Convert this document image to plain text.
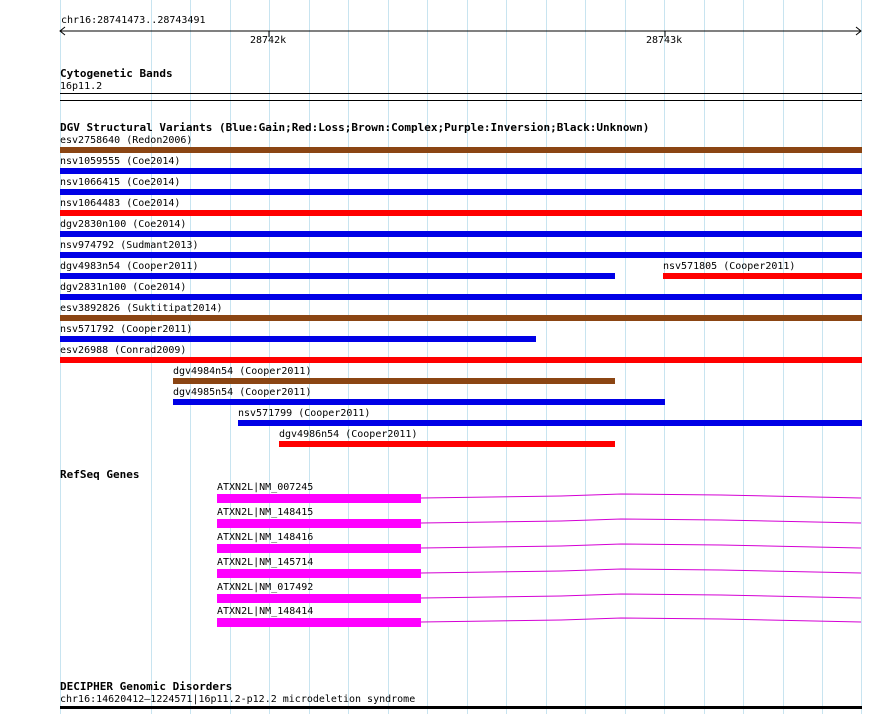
chr16:28741473..28743491
28742k	28743k
Cytogenetic Bands
16p11.2
DGV Structural Variants (Blue:Gain;Red:Loss;Brown:Complex;Purple:Inversion;Black:Unknown)
esv2758640 (Redon2006)
nsv1059555 (Coe2014)
nsv1066415 (Coe2014)
nsv1064483 (Coe2014)
dgv2830n100 (Coe2014)
nsv974792 (Sudmant2013)
dgv4983n54 (Cooper2011)	nsv571805 (Cooper2011)
dgv2831n100 (Coe2014)
esv3892826 (Suktitipat2014)
nsv571792 (Cooper2011)
esv26988 (Conrad2009)
dgv4984n54 (Cooper2011)
dgv4985n54 (Cooper2011)
nsv571799 (Cooper2011)
dgv4986n54 (Cooper2011)
RefSeq Genes
ATXN2L|NM_007245
ATXN2L|NM_148415
ATXN2L|NM_148416
ATXN2L|NM_145714
ATXN2L|NM_017492
ATXN2L|NM_148414
DECIPHER Genomic Disorders
chr16:14620412–1224571|16p11.2-p12.2 microdeletion syndrome
